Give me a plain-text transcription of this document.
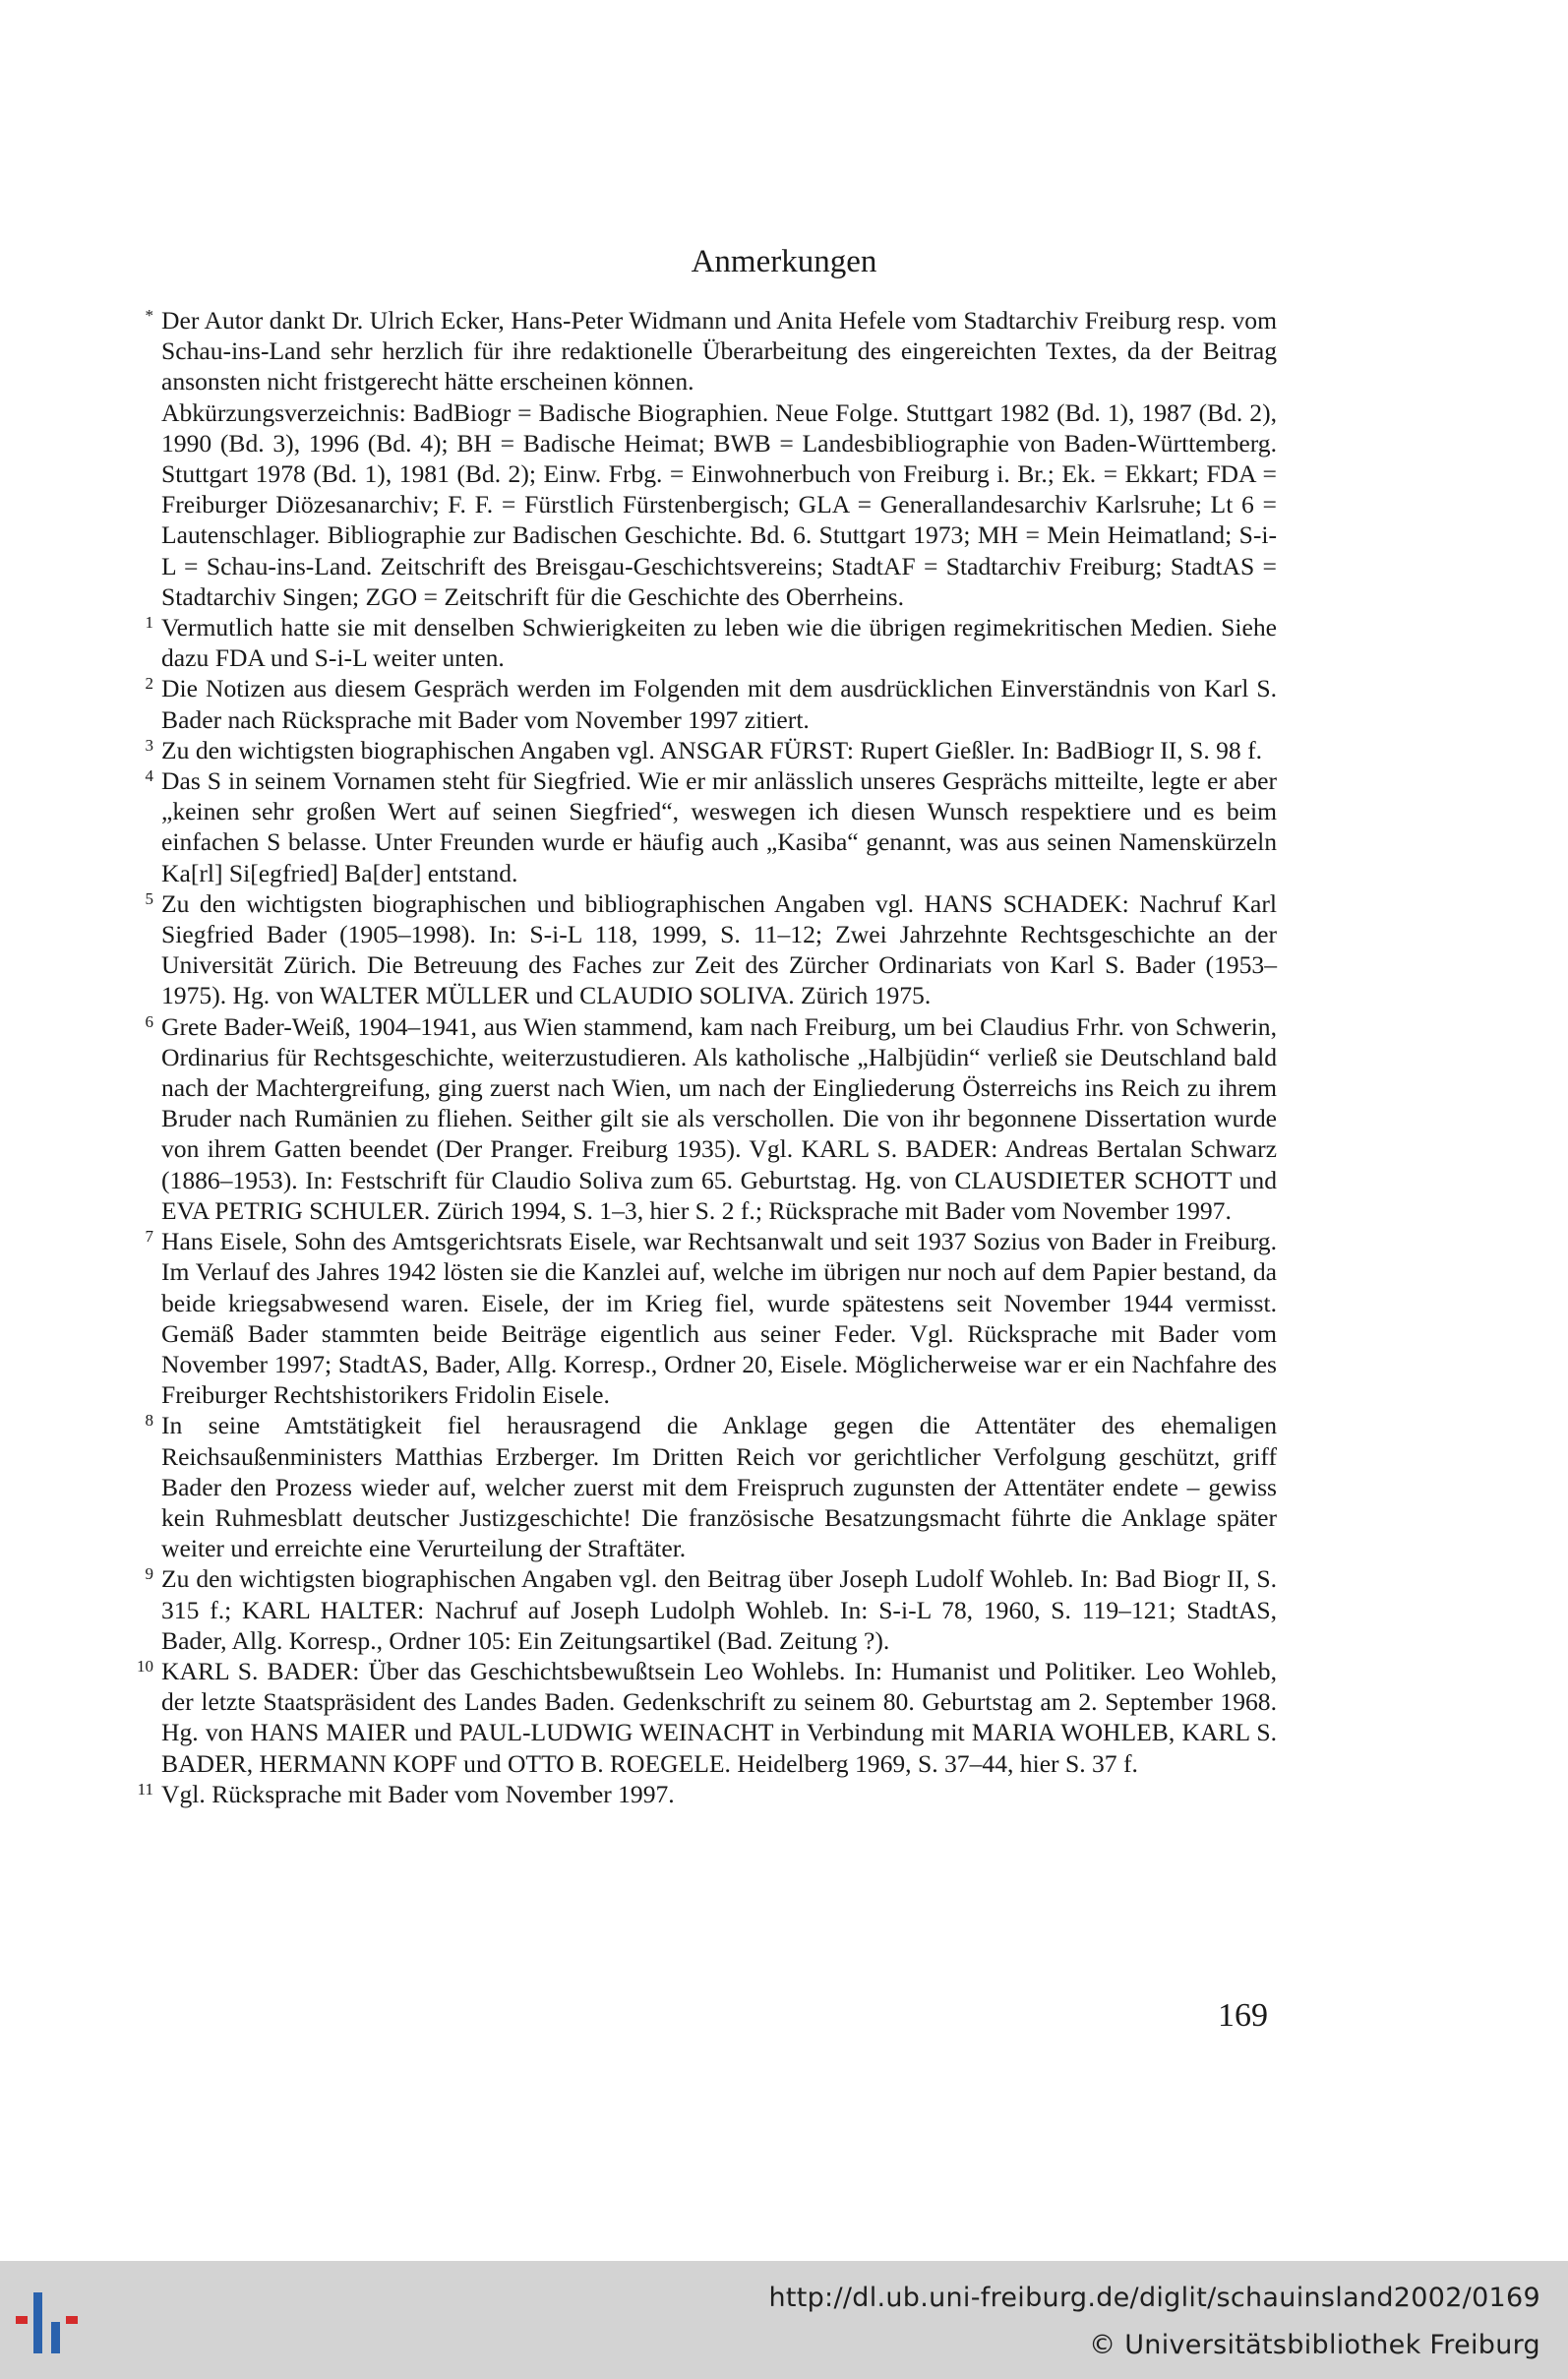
Anmerkungen
* Der Autor dankt Dr. Ulrich Ecker, Hans-Peter Widmann und Anita Hefele vom Stadtarchiv Freiburg resp. vom Schau-ins-Land sehr herzlich für ihre redaktionelle Überarbeitung des eingereichten Textes, da der Beitrag ansonsten nicht fristgerecht hätte erscheinen können.
Abkürzungsverzeichnis: BadBiogr = Badische Biographien. Neue Folge. Stuttgart 1982 (Bd. 1), 1987 (Bd. 2), 1990 (Bd. 3), 1996 (Bd. 4); BH = Badische Heimat; BWB = Landesbibliographie von Baden-Württemberg. Stuttgart 1978 (Bd. 1), 1981 (Bd. 2); Einw. Frbg. = Einwohnerbuch von Freiburg i. Br.; Ek. = Ekkart; FDA = Freiburger Diözesanarchiv; F. F. = Fürstlich Fürstenbergisch; GLA = Generallandesarchiv Karlsruhe; Lt 6 = Lautenschlager. Bibliographie zur Badischen Geschichte. Bd. 6. Stuttgart 1973; MH = Mein Heimatland; S-i-L = Schau-ins-Land. Zeitschrift des Breisgau-Geschichtsvereins; StadtAF = Stadtarchiv Freiburg; StadtAS = Stadtarchiv Singen; ZGO = Zeitschrift für die Geschichte des Oberrheins.
1 Vermutlich hatte sie mit denselben Schwierigkeiten zu leben wie die übrigen regimekritischen Medien. Siehe dazu FDA und S-i-L weiter unten.
2 Die Notizen aus diesem Gespräch werden im Folgenden mit dem ausdrücklichen Einverständnis von Karl S. Bader nach Rücksprache mit Bader vom November 1997 zitiert.
3 Zu den wichtigsten biographischen Angaben vgl. ANSGAR FÜRST: Rupert Gießler. In: BadBiogr II, S. 98 f.
4 Das S in seinem Vornamen steht für Siegfried. Wie er mir anlässlich unseres Gesprächs mitteilte, legte er aber „keinen sehr großen Wert auf seinen Siegfried“, weswegen ich diesen Wunsch respektiere und es beim einfachen S belasse. Unter Freunden wurde er häufig auch „Kasiba“ genannt, was aus seinen Namenskürzeln Ka[rl] Si[egfried] Ba[der] entstand.
5 Zu den wichtigsten biographischen und bibliographischen Angaben vgl. HANS SCHADEK: Nachruf Karl Siegfried Bader (1905–1998). In: S-i-L 118, 1999, S. 11–12; Zwei Jahrzehnte Rechtsgeschichte an der Universität Zürich. Die Betreuung des Faches zur Zeit des Zürcher Ordinariats von Karl S. Bader (1953–1975). Hg. von WALTER MÜLLER und CLAUDIO SOLIVA. Zürich 1975.
6 Grete Bader-Weiß, 1904–1941, aus Wien stammend, kam nach Freiburg, um bei Claudius Frhr. von Schwerin, Ordinarius für Rechtsgeschichte, weiterzustudieren. Als katholische „Halbjüdin“ verließ sie Deutschland bald nach der Machtergreifung, ging zuerst nach Wien, um nach der Eingliederung Österreichs ins Reich zu ihrem Bruder nach Rumänien zu fliehen. Seither gilt sie als verschollen. Die von ihr begonnene Dissertation wurde von ihrem Gatten beendet (Der Pranger. Freiburg 1935). Vgl. KARL S. BADER: Andreas Bertalan Schwarz (1886–1953). In: Festschrift für Claudio Soliva zum 65. Geburtstag. Hg. von CLAUSDIETER SCHOTT und EVA PETRIG SCHULER. Zürich 1994, S. 1–3, hier S. 2 f.; Rücksprache mit Bader vom November 1997.
7 Hans Eisele, Sohn des Amtsgerichtsrats Eisele, war Rechtsanwalt und seit 1937 Sozius von Bader in Freiburg. Im Verlauf des Jahres 1942 lösten sie die Kanzlei auf, welche im übrigen nur noch auf dem Papier bestand, da beide kriegsabwesend waren. Eisele, der im Krieg fiel, wurde spätestens seit November 1944 vermisst. Gemäß Bader stammten beide Beiträge eigentlich aus seiner Feder. Vgl. Rücksprache mit Bader vom November 1997; StadtAS, Bader, Allg. Korresp., Ordner 20, Eisele. Möglicherweise war er ein Nachfahre des Freiburger Rechtshistorikers Fridolin Eisele.
8 In seine Amtstätigkeit fiel herausragend die Anklage gegen die Attentäter des ehemaligen Reichsaußenministers Matthias Erzberger. Im Dritten Reich vor gerichtlicher Verfolgung geschützt, griff Bader den Prozess wieder auf, welcher zuerst mit dem Freispruch zugunsten der Attentäter endete – gewiss kein Ruhmesblatt deutscher Justizgeschichte! Die französische Besatzungsmacht führte die Anklage später weiter und erreichte eine Verurteilung der Straftäter.
9 Zu den wichtigsten biographischen Angaben vgl. den Beitrag über Joseph Ludolf Wohleb. In: Bad Biogr II, S. 315 f.; KARL HALTER: Nachruf auf Joseph Ludolph Wohleb. In: S-i-L 78, 1960, S. 119–121; StadtAS, Bader, Allg. Korresp., Ordner 105: Ein Zeitungsartikel (Bad. Zeitung ?).
10 KARL S. BADER: Über das Geschichtsbewußtsein Leo Wohlebs. In: Humanist und Politiker. Leo Wohleb, der letzte Staatspräsident des Landes Baden. Gedenkschrift zu seinem 80. Geburtstag am 2. September 1968. Hg. von HANS MAIER und PAUL-LUDWIG WEINACHT in Verbindung mit MARIA WOHLEB, KARL S. BADER, HERMANN KOPF und OTTO B. ROEGELE. Heidelberg 1969, S. 37–44, hier S. 37 f.
11 Vgl. Rücksprache mit Bader vom November 1997.
169
http://dl.ub.uni-freiburg.de/diglit/schauinsland2002/0169
© Universitätsbibliothek Freiburg
